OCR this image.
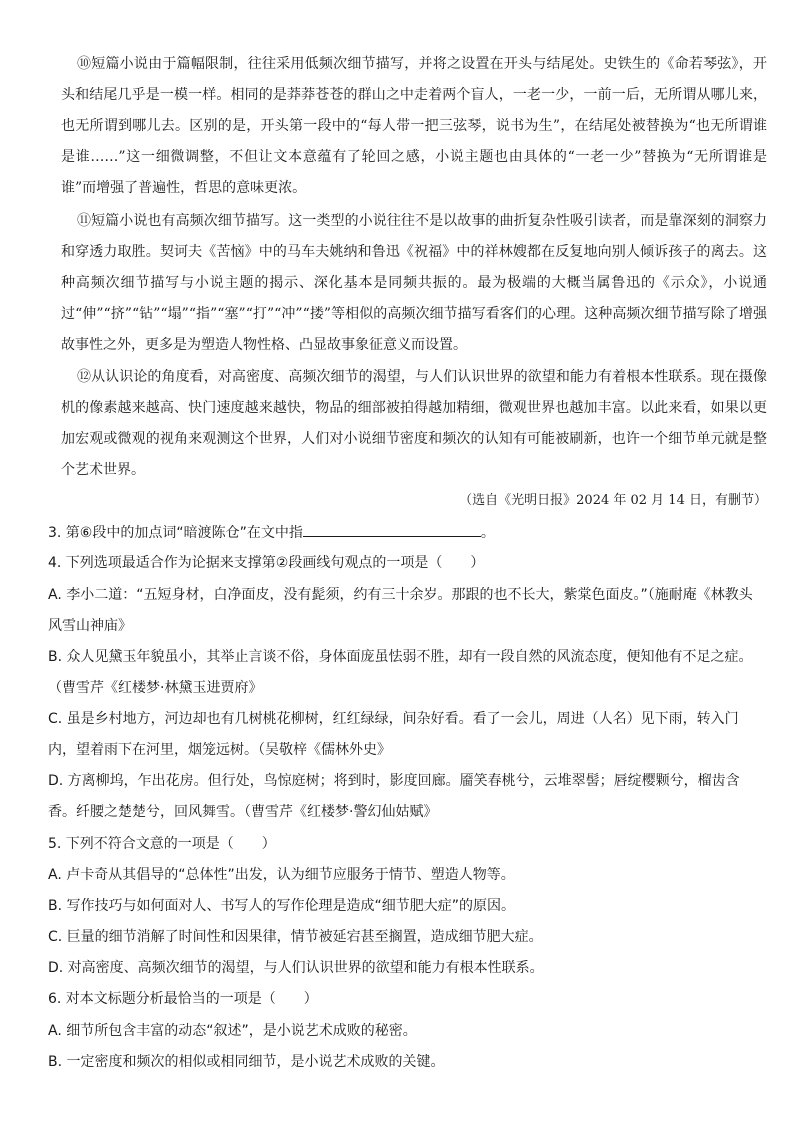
⑩短篇小说由于篇幅限制，往往采用低频次细节描写，并将之设置在开头与结尾处。史铁生的《命若琴弦》，开头和结尾几乎是一模一样。相同的是莽莽苍苍的群山之中走着两个盲人，一老一少，一前一后，无所谓从哪儿来，也无所谓到哪儿去。区别的是，开头第一段中的“每人带一把三弦琴，说书为生”，在结尾处被替换为“也无所谓谁是谁……”这一细微调整，不但让文本意蕴有了轮回之感，小说主题也由具体的“一老一少”替换为“无所谓谁是谁”而增强了普遍性，哲思的意味更浓。

⑪短篇小说也有高频次细节描写。这一类型的小说往往不是以故事的曲折复杂性吸引读者，而是靠深刻的洞察力和穿透力取胜。契诃夫《苦恼》中的马车夫姚纳和鲁迅《祝福》中的祥林嫂都在反复地向别人倾诉孩子的离去。这种高频次细节描写与小说主题的揭示、深化基本是同频共振的。最为极端的大概当属鲁迅的《示众》，小说通过“伸”“挤”“钻”“塌”“指”“塞”“打”“冲”“搂”等相似的高频次细节描写看客们的心理。这种高频次细节描写除了增强故事性之外，更多是为塑造人物性格、凸显故事象征意义而设置。

⑫从认识论的角度看，对高密度、高频次细节的渴望，与人们认识世界的欲望和能力有着根本性联系。现在摄像机的像素越来越高、快门速度越来越快，物品的细部被拍得越加精细，微观世界也越加丰富。以此来看，如果以更加宏观或微观的视角来观测这个世界，人们对小说细节密度和频次的认知有可能被刷新，也许一个细节单元就是整个艺术世界。

（选自《光明日报》2024 年 02 月 14 日，有删节）

3. 第⑥段中的加点词“暗渡陈仓”在文中指	。

4. 下列选项最适合作为论据来支撑第②段画线句观点的一项是（　　）

A. 李小二道：“五短身材，白净面皮，没有髭须，约有三十余岁。那跟的也不长大，紫棠色面皮。”（施耐庵《林教头风雪山神庙》

B. 众人见黛玉年貌虽小，其举止言谈不俗，身体面庞虽怯弱不胜，却有一段自然的风流态度，便知他有不足之症。（曹雪芹《红楼梦·林黛玉进贾府》

C. 虽是乡村地方，河边却也有几树桃花柳树，红红绿绿，间杂好看。看了一会儿，周进（人名）见下雨，转入门内，望着雨下在河里，烟笼远树。（吴敬梓《儒林外史》

D. 方离柳坞，乍出花房。但行处，鸟惊庭树；将到时，影度回廊。靥笑春桃兮，云堆翠髻；唇绽樱颗兮，榴齿含香。纤腰之楚楚兮，回风舞雪。（曹雪芹《红楼梦·警幻仙姑赋》

5. 下列不符合文意的一项是（　　）

A. 卢卡奇从其倡导的“总体性”出发，认为细节应服务于情节、塑造人物等。

B. 写作技巧与如何面对人、书写人的写作伦理是造成“细节肥大症”的原因。

C. 巨量的细节消解了时间性和因果律，情节被延宕甚至搁置，造成细节肥大症。

D. 对高密度、高频次细节的渴望，与人们认识世界的欲望和能力有根本性联系。

6. 对本文标题分析最恰当的一项是（　　）

A. 细节所包含丰富的动态“叙述”，是小说艺术成败的秘密。

B. 一定密度和频次的相似或相同细节，是小说艺术成败的关键。
